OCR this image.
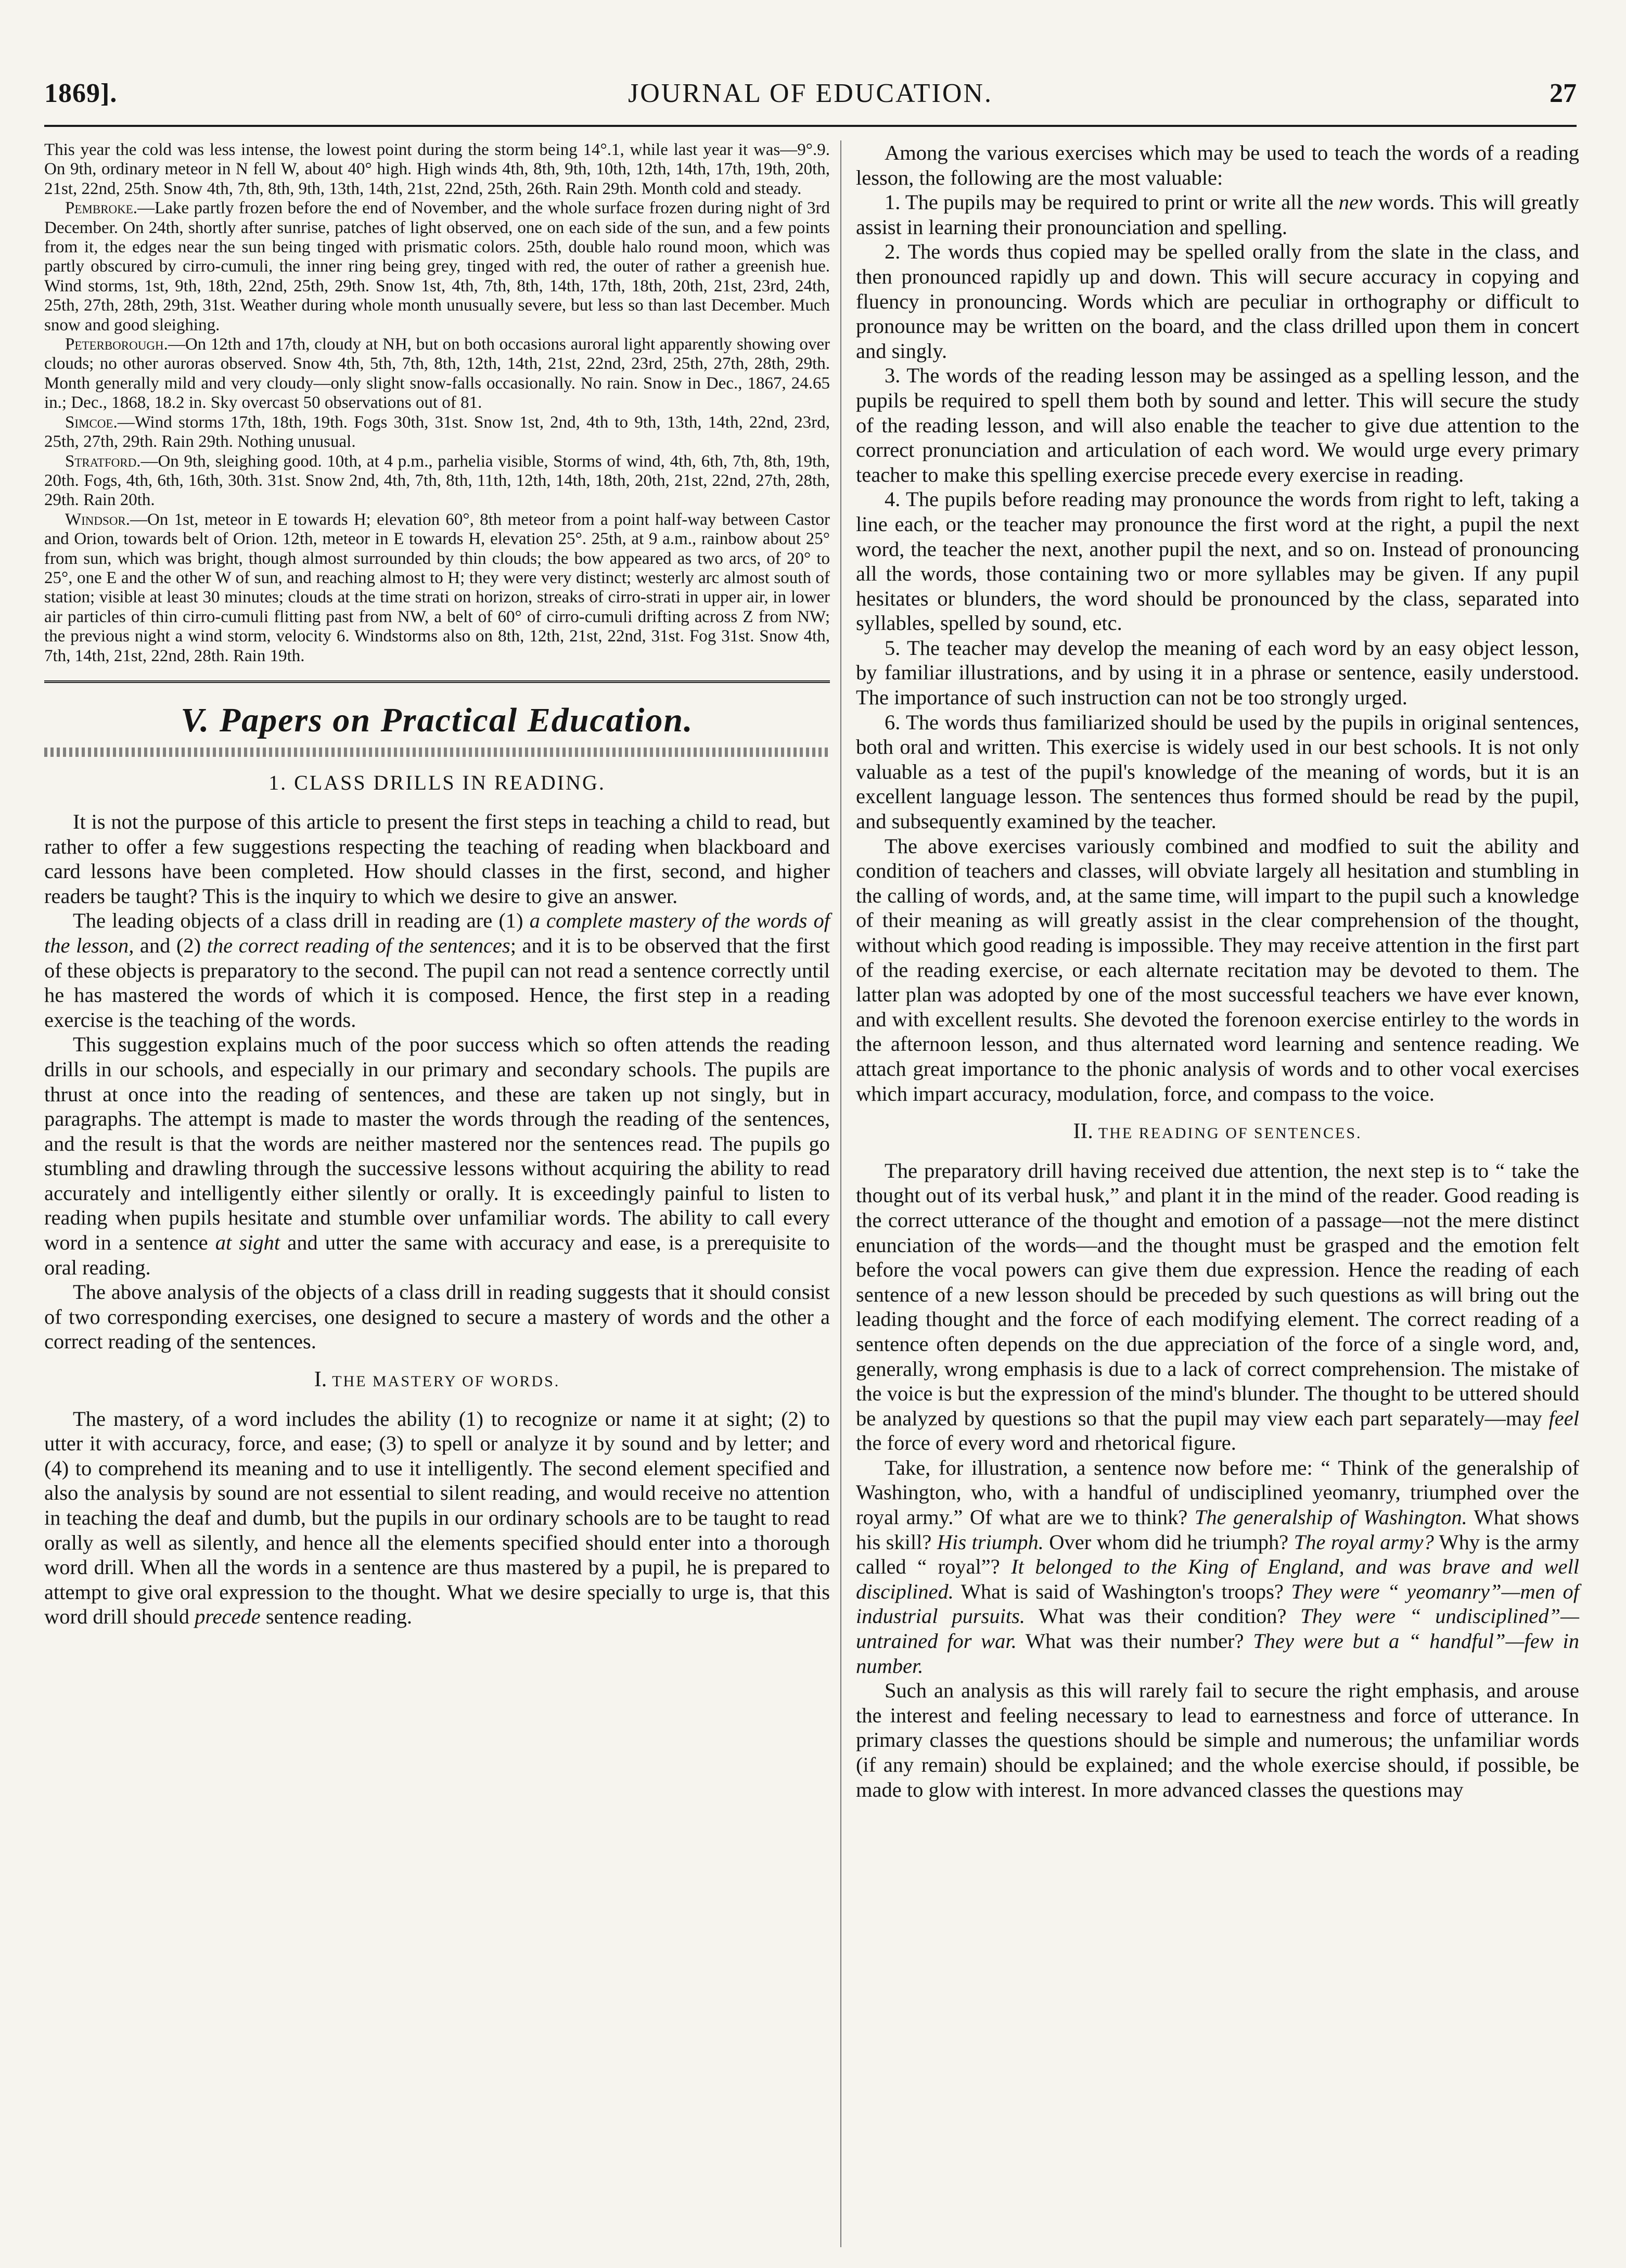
1869].	JOURNAL OF EDUCATION.	27

This year the cold was less intense, the lowest point during the storm being 14°.1, while last year it was—9°.9. On 9th, ordinary meteor in N fell W, about 40° high. High winds 4th, 8th, 9th, 10th, 12th, 14th, 17th, 19th, 20th, 21st, 22nd, 25th. Snow 4th, 7th, 8th, 9th, 13th, 14th, 21st, 22nd, 25th, 26th. Rain 29th. Month cold and steady.

Pembroke.—Lake partly frozen before the end of November, and the whole surface frozen during night of 3rd December. On 24th, shortly after sunrise, patches of light observed, one on each side of the sun, and a few points from it, the edges near the sun being tinged with prismatic colors. 25th, double halo round moon, which was partly obscured by cirro-cumuli, the inner ring being grey, tinged with red, the outer of rather a greenish hue. Wind storms, 1st, 9th, 18th, 22nd, 25th, 29th. Snow 1st, 4th, 7th, 8th, 14th, 17th, 18th, 20th, 21st, 23rd, 24th, 25th, 27th, 28th, 29th, 31st. Weather during whole month unusually severe, but less so than last December. Much snow and good sleighing.

Peterborough.—On 12th and 17th, cloudy at NH, but on both occasions auroral light apparently showing over clouds; no other auroras observed. Snow 4th, 5th, 7th, 8th, 12th, 14th, 21st, 22nd, 23rd, 25th, 27th, 28th, 29th. Month generally mild and very cloudy—only slight snow-falls occasionally. No rain. Snow in Dec., 1867, 24.65 in.; Dec., 1868, 18.2 in. Sky overcast 50 observations out of 81.

Simcoe.—Wind storms 17th, 18th, 19th. Fogs 30th, 31st. Snow 1st, 2nd, 4th to 9th, 13th, 14th, 22nd, 23rd, 25th, 27th, 29th. Rain 29th. Nothing unusual.

Stratford.—On 9th, sleighing good. 10th, at 4 p.m., parhelia visible, Storms of wind, 4th, 6th, 7th, 8th, 19th, 20th. Fogs, 4th, 6th, 16th, 30th. 31st. Snow 2nd, 4th, 7th, 8th, 11th, 12th, 14th, 18th, 20th, 21st, 22nd, 27th, 28th, 29th. Rain 20th.

Windsor.—On 1st, meteor in E towards H; elevation 60°, 8th meteor from a point half-way between Castor and Orion, towards belt of Orion. 12th, meteor in E towards H, elevation 25°. 25th, at 9 a.m., rainbow about 25° from sun, which was bright, though almost surrounded by thin clouds; the bow appeared as two arcs, of 20° to 25°, one E and the other W of sun, and reaching almost to H; they were very distinct; westerly arc almost south of station; visible at least 30 minutes; clouds at the time strati on horizon, streaks of cirro-strati in upper air, in lower air particles of thin cirro-cumuli flitting past from NW, a belt of 60° of cirro-cumuli drifting across Z from NW; the previous night a wind storm, velocity 6. Windstorms also on 8th, 12th, 21st, 22nd, 31st. Fog 31st. Snow 4th, 7th, 14th, 21st, 22nd, 28th. Rain 19th.

V. Papers on Practical Education.
1. CLASS DRILLS IN READING.

It is not the purpose of this article to present the first steps in teaching a child to read, but rather to offer a few suggestions respecting the teaching of reading when blackboard and card lessons have been completed. How should classes in the first, second, and higher readers be taught? This is the inquiry to which we desire to give an answer.

The leading objects of a class drill in reading are (1) a complete mastery of the words of the lesson, and (2) the correct reading of the sentences; and it is to be observed that the first of these objects is preparatory to the second. The pupil can not read a sentence correctly until he has mastered the words of which it is composed. Hence, the first step in a reading exercise is the teaching of the words.

This suggestion explains much of the poor success which so often attends the reading drills in our schools, and especially in our primary and secondary schools. The pupils are thrust at once into the reading of sentences, and these are taken up not singly, but in paragraphs. The attempt is made to master the words through the reading of the sentences, and the result is that the words are neither mastered nor the sentences read. The pupils go stumbling and drawling through the successive lessons without acquiring the ability to read accurately and intelligently either silently or orally. It is exceedingly painful to listen to reading when pupils hesitate and stumble over unfamiliar words. The ability to call every word in a sentence at sight and utter the same with accuracy and ease, is a prerequisite to oral reading.

The above analysis of the objects of a class drill in reading suggests that it should consist of two corresponding exercises, one designed to secure a mastery of words and the other a correct reading of the sentences.

I. THE MASTERY OF WORDS.

The mastery, of a word includes the ability (1) to recognize or name it at sight; (2) to utter it with accuracy, force, and ease; (3) to spell or analyze it by sound and by letter; and (4) to comprehend its meaning and to use it intelligently. The second element specified and also the analysis by sound are not essential to silent reading, and would receive no attention in teaching the deaf and dumb, but the pupils in our ordinary schools are to be taught to read orally as well as silently, and hence all the elements specified should enter into a thorough word drill. When all the words in a sentence are thus mastered by a pupil, he is prepared to attempt to give oral expression to the thought. What we desire specially to urge is, that this word drill should precede sentence reading.

Among the various exercises which may be used to teach the words of a reading lesson, the following are the most valuable:

1. The pupils may be required to print or write all the new words. This will greatly assist in learning their pronounciation and spelling.

2. The words thus copied may be spelled orally from the slate in the class, and then pronounced rapidly up and down. This will secure accuracy in copying and fluency in pronouncing. Words which are peculiar in orthography or difficult to pronounce may be written on the board, and the class drilled upon them in concert and singly.

3. The words of the reading lesson may be assinged as a spelling lesson, and the pupils be required to spell them both by sound and letter. This will secure the study of the reading lesson, and will also enable the teacher to give due attention to the correct pronunciation and articulation of each word. We would urge every primary teacher to make this spelling exercise precede every exercise in reading.

4. The pupils before reading may pronounce the words from right to left, taking a line each, or the teacher may pronounce the first word at the right, a pupil the next word, the teacher the next, another pupil the next, and so on. Instead of pronouncing all the words, those containing two or more syllables may be given. If any pupil hesitates or blunders, the word should be pronounced by the class, separated into syllables, spelled by sound, etc.

5. The teacher may develop the meaning of each word by an easy object lesson, by familiar illustrations, and by using it in a phrase or sentence, easily understood. The importance of such instruction can not be too strongly urged.

6. The words thus familiarized should be used by the pupils in original sentences, both oral and written. This exercise is widely used in our best schools. It is not only valuable as a test of the pupil's knowledge of the meaning of words, but it is an excellent language lesson. The sentences thus formed should be read by the pupil, and subsequently examined by the teacher.

The above exercises variously combined and modfied to suit the ability and condition of teachers and classes, will obviate largely all hesitation and stumbling in the calling of words, and, at the same time, will impart to the pupil such a knowledge of their meaning as will greatly assist in the clear comprehension of the thought, without which good reading is impossible. They may receive attention in the first part of the reading exercise, or each alternate recitation may be devoted to them. The latter plan was adopted by one of the most successful teachers we have ever known, and with excellent results. She devoted the forenoon exercise entirley to the words in the afternoon lesson, and thus alternated word learning and sentence reading. We attach great importance to the phonic analysis of words and to other vocal exercises which impart accuracy, modulation, force, and compass to the voice.

II. THE READING OF SENTENCES.

The preparatory drill having received due attention, the next step is to “ take the thought out of its verbal husk,” and plant it in the mind of the reader. Good reading is the correct utterance of the thought and emotion of a passage—not the mere distinct enunciation of the words—and the thought must be grasped and the emotion felt before the vocal powers can give them due expression. Hence the reading of each sentence of a new lesson should be preceded by such questions as will bring out the leading thought and the force of each modifying element. The correct reading of a sentence often depends on the due appreciation of the force of a single word, and, generally, wrong emphasis is due to a lack of correct comprehension. The mistake of the voice is but the expression of the mind's blunder. The thought to be uttered should be analyzed by questions so that the pupil may view each part separately—may feel the force of every word and rhetorical figure.

Take, for illustration, a sentence now before me: “ Think of the generalship of Washington, who, with a handful of undisciplined yeomanry, triumphed over the royal army.” Of what are we to think? The generalship of Washington. What shows his skill? His triumph. Over whom did he triumph? The royal army? Why is the army called “ royal”? It belonged to the King of England, and was brave and well disciplined. What is said of Washington's troops? They were “ yeomanry”—men of industrial pursuits. What was their condition? They were “ undisciplined”—untrained for war. What was their number? They were but a “ handful”—few in number.

Such an analysis as this will rarely fail to secure the right emphasis, and arouse the interest and feeling necessary to lead to earnestness and force of utterance. In primary classes the questions should be simple and numerous; the unfamiliar words (if any remain) should be explained; and the whole exercise should, if possible, be made to glow with interest. In more advanced classes the questions may
